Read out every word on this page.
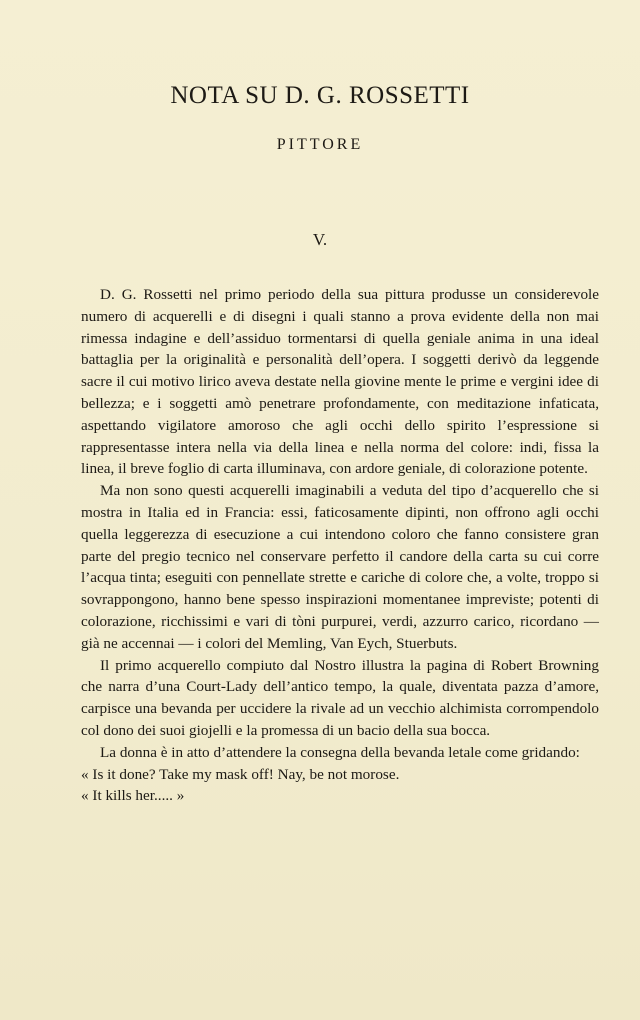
NOTA SU D. G. ROSSETTI
PITTORE
V.

D. G. Rossetti nel primo periodo della sua pittura produsse un considerevole numero di acquerelli e di disegni i quali stanno a prova evidente della non mai rimessa indagine e dell’assiduo tormentarsi di quella geniale anima in una ideal battaglia per la originalità e personalità dell’opera. I soggetti derivò da leggende sacre il cui motivo lirico aveva destate nella giovine mente le prime e vergini idee di bellezza; e i soggetti amò penetrare profondamente, con meditazione infaticata, aspettando vigilatore amoroso che agli occhi dello spirito l’espressione si rappresentasse intera nella via della linea e nella norma del colore: indi, fissa la linea, il breve foglio di carta illuminava, con ardore geniale, di colorazione potente.

Ma non sono questi acquerelli imaginabili a veduta del tipo d’acquerello che si mostra in Italia ed in Francia: essi, faticosamente dipinti, non offrono agli occhi quella leggerezza di esecuzione a cui intendono coloro che fanno consistere gran parte del pregio tecnico nel conservare perfetto il candore della carta su cui corre l’acqua tinta; eseguiti con pennellate strette e cariche di colore che, a volte, troppo si sovrappongono, hanno bene spesso inspirazioni momentanee impreviste; potenti di colorazione, ricchissimi e vari di tòni purpurei, verdi, azzurro carico, ricordano — già ne accennai — i colori del Memling, Van Eych, Stuerbuts.

Il primo acquerello compiuto dal Nostro illustra la pagina di Robert Browning che narra d’una Court-Lady dell’antico tempo, la quale, diventata pazza d’amore, carpisce una bevanda per uccidere la rivale ad un vecchio alchimista corrompendolo col dono dei suoi giojelli e la promessa di un bacio della sua bocca.

La donna è in atto d’attendere la consegna della bevanda letale come gridando:

« Is it done? Take my mask off! Nay, be not morose.

« It kills her..... »
